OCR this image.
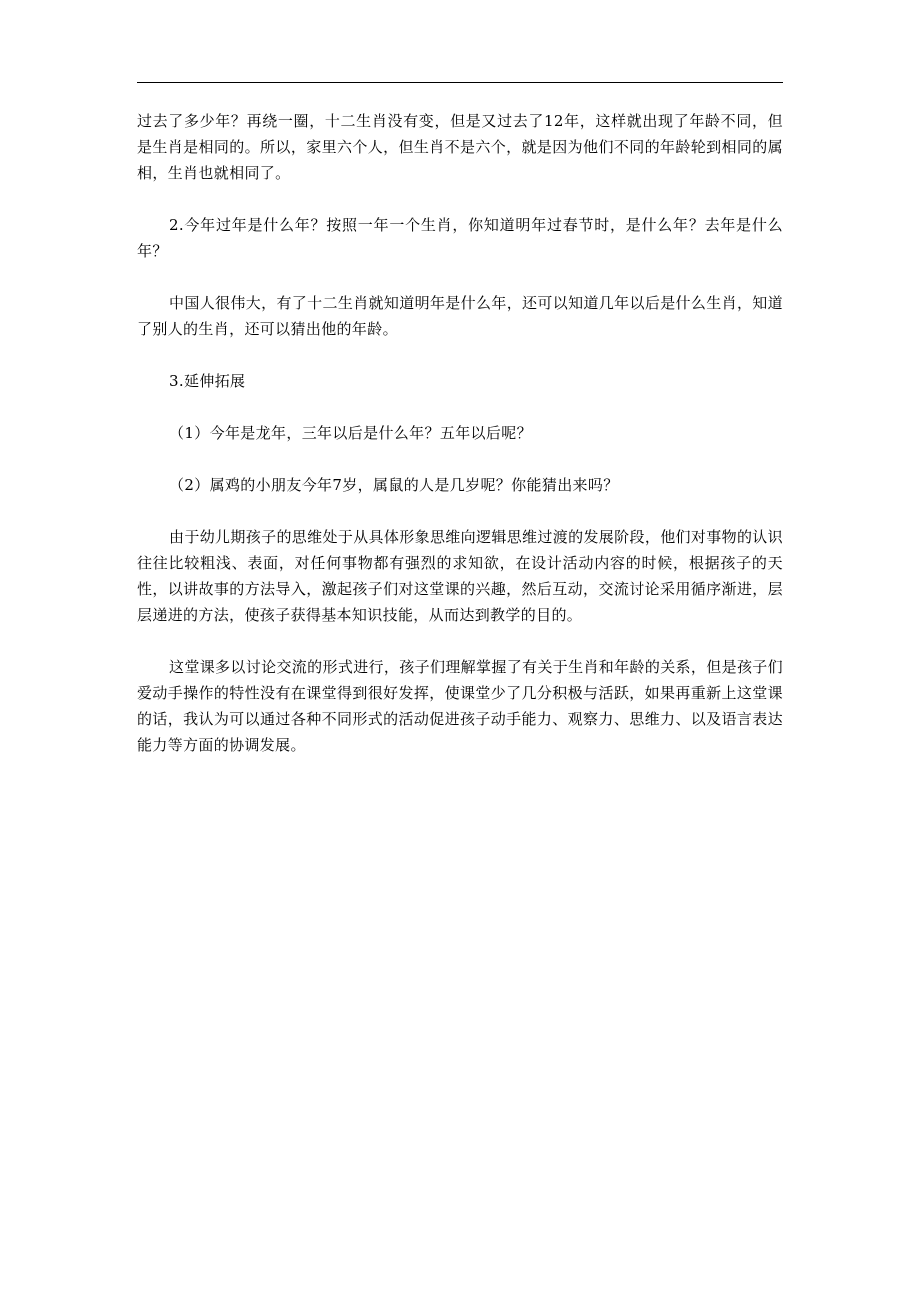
过去了多少年？再绕一圈，十二生肖没有变，但是又过去了12年，这样就出现了年龄不同，但是生肖是相同的。所以，家里六个人，但生肖不是六个，就是因为他们不同的年龄轮到相同的属相，生肖也就相同了。

2.今年过年是什么年？按照一年一个生肖，你知道明年过春节时，是什么年？去年是什么年？

中国人很伟大，有了十二生肖就知道明年是什么年，还可以知道几年以后是什么生肖，知道了别人的生肖，还可以猜出他的年龄。

3.延伸拓展

（1）今年是龙年，三年以后是什么年？五年以后呢？

（2）属鸡的小朋友今年7岁，属鼠的人是几岁呢？你能猜出来吗？

由于幼儿期孩子的思维处于从具体形象思维向逻辑思维过渡的发展阶段，他们对事物的认识往往比较粗浅、表面，对任何事物都有强烈的求知欲，在设计活动内容的时候，根据孩子的天性，以讲故事的方法导入，激起孩子们对这堂课的兴趣，然后互动，交流讨论采用循序渐进，层层递进的方法，使孩子获得基本知识技能，从而达到教学的目的。

这堂课多以讨论交流的形式进行，孩子们理解掌握了有关于生肖和年龄的关系，但是孩子们爱动手操作的特性没有在课堂得到很好发挥，使课堂少了几分积极与活跃，如果再重新上这堂课的话，我认为可以通过各种不同形式的活动促进孩子动手能力、观察力、思维力、以及语言表达能力等方面的协调发展。
